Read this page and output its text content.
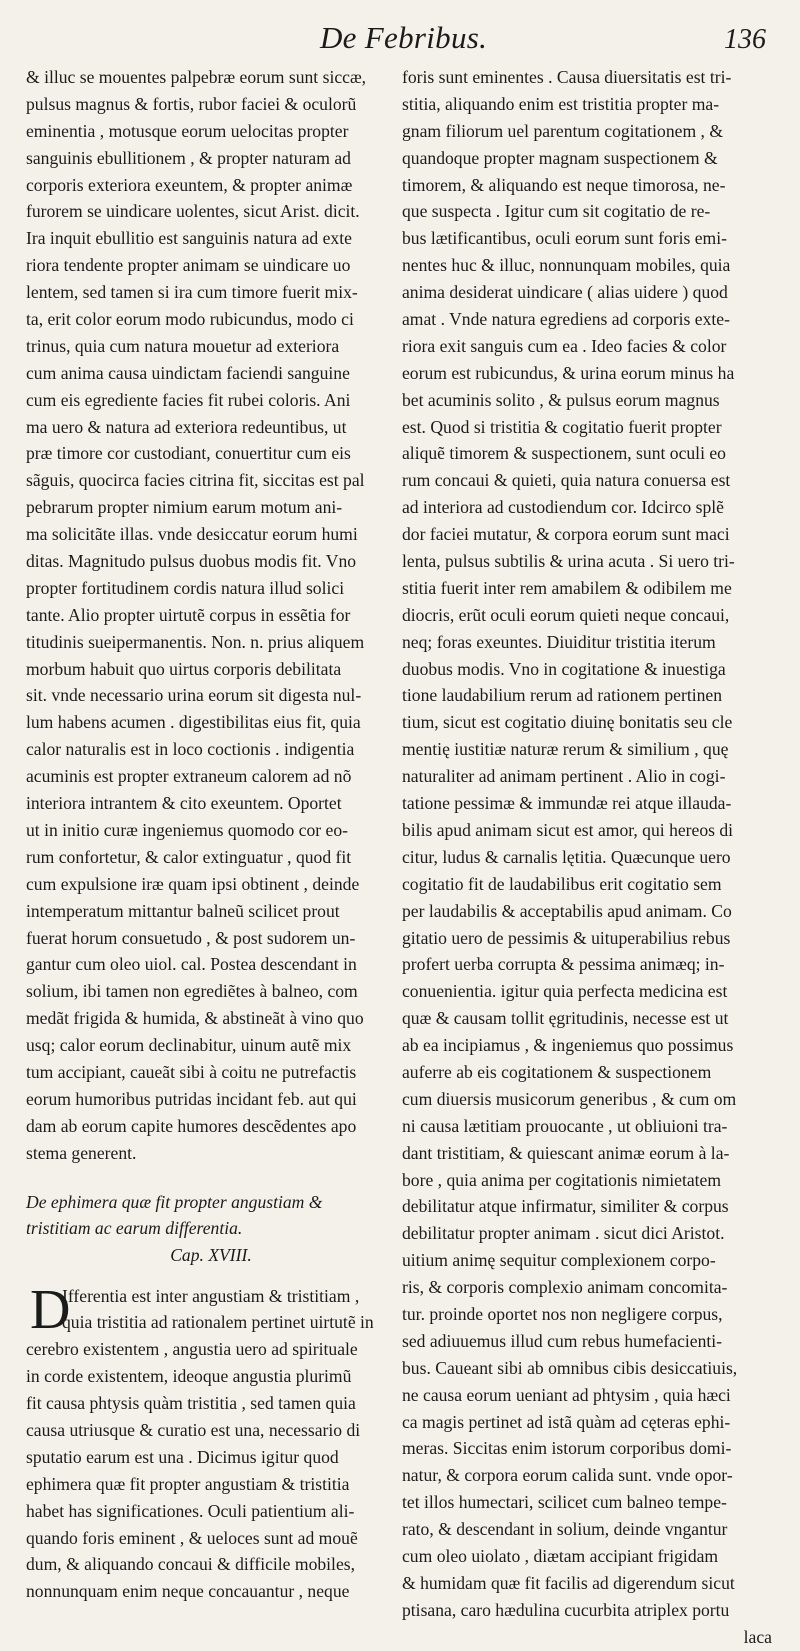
De Febribus.	136
& illuc se mouentes palpebræ eorum sunt siccæ,
pulsus magnus & fortis, rubor faciei & oculorũ
eminentia , motusque eorum uelocitas propter
sanguinis ebullitionem , & propter naturam ad
corporis exteriora exeuntem, & propter animæ
furorem se uindicare uolentes, sicut Arist. dicit.
Ira inquit ebullitio est sanguinis natura ad exte
riora tendente propter animam se uindicare uo
lentem, sed tamen si ira cum timore fuerit mix-
ta, erit color eorum modo rubicundus, modo ci
trinus, quia cum natura mouetur ad exteriora
cum anima causa uindictam faciendi sanguine
cum eis egrediente facies fit rubei coloris. Ani
ma uero & natura ad exteriora redeuntibus, ut
præ timore cor custodiant, conuertitur cum eis
sãguis, quocirca facies citrina fit, siccitas est pal
pebrarum propter nimium earum motum ani-
ma solicitãte illas. vnde desiccatur eorum humi
ditas. Magnitudo pulsus duobus modis fit. Vno
propter fortitudinem cordis natura illud solici
tante. Alio propter uirtutẽ corpus in essẽtia for
titudinis sueipermanentis. Non. n. prius aliquem
morbum habuit quo uirtus corporis debilitata
sit. vnde necessario urina eorum sit digesta nul-
lum habens acumen . digestibilitas eius fit, quia
calor naturalis est in loco coctionis . indigentia
acuminis est propter extraneum calorem ad nõ
interiora intrantem & cito exeuntem. Oportet
ut in initio curæ ingeniemus quomodo cor eo-
rum confortetur, & calor extinguatur , quod fit
cum expulsione iræ quam ipsi obtinent , deinde
intemperatum mittantur balneũ scilicet prout
fuerat horum consuetudo , & post sudorem un-
gantur cum oleo uiol. cal. Postea descendant in
solium, ibi tamen non egrediẽtes à balneo, com
medãt frigida & humida, & abstineãt à vino quo
usq; calor eorum declinabitur, uinum autẽ mix
tum accipiant, caueãt sibi à coitu ne putrefactis
eorum humoribus putridas incidant feb. aut qui
dam ab eorum capite humores descẽdentes apo
stema generent.
De ephimera quæ fit propter angustiam &
tristitiam ac earum differentia.
Cap. XVIII.
D
Ifferentia est inter angustiam & tristitiam ,
quia tristitia ad rationalem pertinet uirtutẽ in
cerebro existentem , angustia uero ad spirituale
in corde existentem, ideoque angustia plurimũ
fit causa phtysis quàm tristitia , sed tamen quia
causa utriusque & curatio est una, necessario di
sputatio earum est una . Dicimus igitur quod
ephimera quæ fit propter angustiam & tristitia
habet has significationes. Oculi patientium ali-
quando foris eminent , & ueloces sunt ad mouẽ
dum, & aliquando concaui & difficile mobiles,
nonnunquam enim neque concauantur , neque
foris sunt eminentes . Causa diuersitatis est tri-
stitia, aliquando enim est tristitia propter ma-
gnam filiorum uel parentum cogitationem , &
quandoque propter magnam suspectionem &
timorem, & aliquando est neque timorosa, ne-
que suspecta . Igitur cum sit cogitatio de re-
bus lætificantibus, oculi eorum sunt foris emi-
nentes huc & illuc, nonnunquam mobiles, quia
anima desiderat uindicare ( alias uidere ) quod
amat . Vnde natura egrediens ad corporis exte-
riora exit sanguis cum ea . Ideo facies & color
eorum est rubicundus, & urina eorum minus ha
bet acuminis solito , & pulsus eorum magnus
est. Quod si tristitia & cogitatio fuerit propter
aliquẽ timorem & suspectionem, sunt oculi eo
rum concaui & quieti, quia natura conuersa est
ad interiora ad custodiendum cor. Idcirco splẽ
dor faciei mutatur, & corpora eorum sunt maci
lenta, pulsus subtilis & urina acuta . Si uero tri-
stitia fuerit inter rem amabilem & odibilem me
diocris, erũt oculi eorum quieti neque concaui,
neq; foras exeuntes. Diuiditur tristitia iterum
duobus modis. Vno in cogitatione & inuestiga
tione laudabilium rerum ad rationem pertinen
tium, sicut est cogitatio diuinę bonitatis seu cle
mentię iustitiæ naturæ rerum & similium , quę
naturaliter ad animam pertinent . Alio in cogi-
tatione pessimæ & immundæ rei atque illauda-
bilis apud animam sicut est amor, qui hereos di
citur, ludus & carnalis lętitia. Quæcunque uero
cogitatio fit de laudabilibus erit cogitatio sem
per laudabilis & acceptabilis apud animam. Co
gitatio uero de pessimis & uituperabilius rebus
profert uerba corrupta & pessima animæq; in-
conuenientia. igitur quia perfecta medicina est
quæ & causam tollit ęgritudinis, necesse est ut
ab ea incipiamus , & ingeniemus quo possimus
auferre ab eis cogitationem & suspectionem
cum diuersis musicorum generibus , & cum om
ni causa lætitiam prouocante , ut obliuioni tra-
dant tristitiam, & quiescant animæ eorum à la-
bore , quia anima per cogitationis nimietatem
debilitatur atque infirmatur, similiter & corpus
debilitatur propter animam . sicut dici Aristot.
uitium animę sequitur complexionem corpo-
ris, & corporis complexio animam concomita-
tur. proinde oportet nos non negligere corpus,
sed adiuuemus illud cum rebus humefacienti-
bus. Caueant sibi ab omnibus cibis desiccatiuis,
ne causa eorum ueniant ad phtysim , quia hæci
ca magis pertinet ad istã quàm ad cęteras ephi-
meras. Siccitas enim istorum corporibus domi-
natur, & corpora eorum calida sunt. vnde opor-
tet illos humectari, scilicet cum balneo tempe-
rato, & descendant in solium, deinde vngantur
cum oleo uiolato , diætam accipiant frigidam
& humidam quæ fit facilis ad digerendum sicut
ptisana, caro hædulina cucurbita atriplex portu
laca
